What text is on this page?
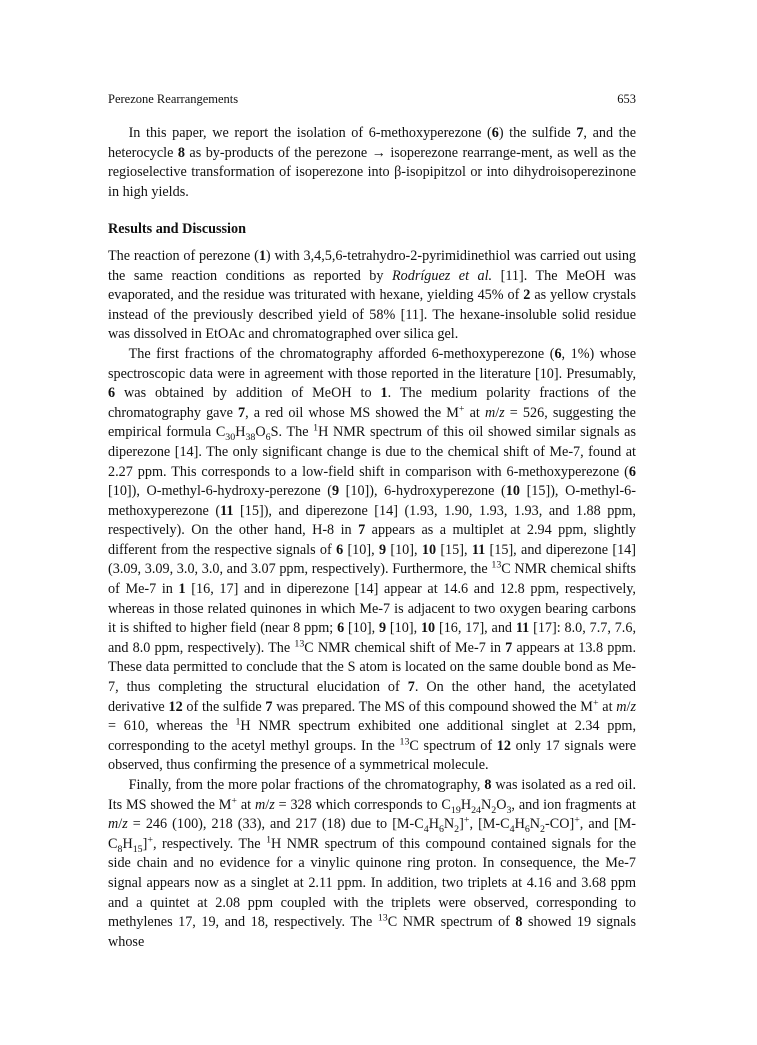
Perezone Rearrangements	653

In this paper, we report the isolation of 6-methoxyperezone (6) the sulfide 7, and the heterocycle 8 as by-products of the perezone → isoperezone rearrange-ment, as well as the regioselective transformation of isoperezone into β-isopipitzol or into dihydroisoperezinone in high yields.

Results and Discussion

The reaction of perezone (1) with 3,4,5,6-tetrahydro-2-pyrimidinethiol was carried out using the same reaction conditions as reported by Rodríguez et al. [11]. The MeOH was evaporated, and the residue was triturated with hexane, yielding 45% of 2 as yellow crystals instead of the previously described yield of 58% [11]. The hexane-insoluble solid residue was dissolved in EtOAc and chromatographed over silica gel.

The first fractions of the chromatography afforded 6-methoxyperezone (6, 1%) whose spectroscopic data were in agreement with those reported in the literature [10]. Presumably, 6 was obtained by addition of MeOH to 1. The medium polarity fractions of the chromatography gave 7, a red oil whose MS showed the M+ at m/z = 526, suggesting the empirical formula $C_{30}H_{38}O_6S$. The $^1$H NMR spectrum of this oil showed similar signals as diperezone [14]. The only significant change is due to the chemical shift of Me-7, found at 2.27 ppm. This corresponds to a low-field shift in comparison with 6-methoxyperezone (6 [10]), O-methyl-6-hydroxy-perezone (9 [10]), 6-hydroxyperezone (10 [15]), O-methyl-6-methoxyperezone (11 [15]), and diperezone [14] (1.93, 1.90, 1.93, 1.93, and 1.88 ppm, respectively). On the other hand, H-8 in 7 appears as a multiplet at 2.94 ppm, slightly different from the respective signals of 6 [10], 9 [10], 10 [15], 11 [15], and diperezone [14] (3.09, 3.09, 3.0, 3.0, and 3.07 ppm, respectively). Furthermore, the $^{13}$C NMR chemical shifts of Me-7 in 1 [16, 17] and in diperezone [14] appear at 14.6 and 12.8 ppm, respectively, whereas in those related quinones in which Me-7 is adjacent to two oxygen bearing carbons it is shifted to higher field (near 8 ppm; 6 [10], 9 [10], 10 [16, 17], and 11 [17]: 8.0, 7.7, 7.6, and 8.0 ppm, respectively). The $^{13}$C NMR chemical shift of Me-7 in 7 appears at 13.8 ppm. These data permitted to conclude that the S atom is located on the same double bond as Me-7, thus completing the structural elucidation of 7. On the other hand, the acetylated derivative 12 of the sulfide 7 was prepared. The MS of this compound showed the M+ at m/z = 610, whereas the $^1$H NMR spectrum exhibited one additional singlet at 2.34 ppm, corresponding to the acetyl methyl groups. In the $^{13}$C spectrum of 12 only 17 signals were observed, thus confirming the presence of a symmetrical molecule.

Finally, from the more polar fractions of the chromatography, 8 was isolated as a red oil. Its MS showed the M+ at m/z = 328 which corresponds to $C_{19}H_{24}N_2O_3$, and ion fragments at m/z = 246 (100), 218 (33), and 217 (18) due to $[M-C_4H_6N_2]^+$, $[M-C_4H_6N_2-CO]^+$, and $[M-C_8H_{15}]^+$, respectively. The $^1$H NMR spectrum of this compound contained signals for the side chain and no evidence for a vinylic quinone ring proton. In consequence, the Me-7 signal appears now as a singlet at 2.11 ppm. In addition, two triplets at 4.16 and 3.68 ppm and a quintet at 2.08 ppm coupled with the triplets were observed, corresponding to methylenes 17, 19, and 18, respectively. The $^{13}$C NMR spectrum of 8 showed 19 signals whose
